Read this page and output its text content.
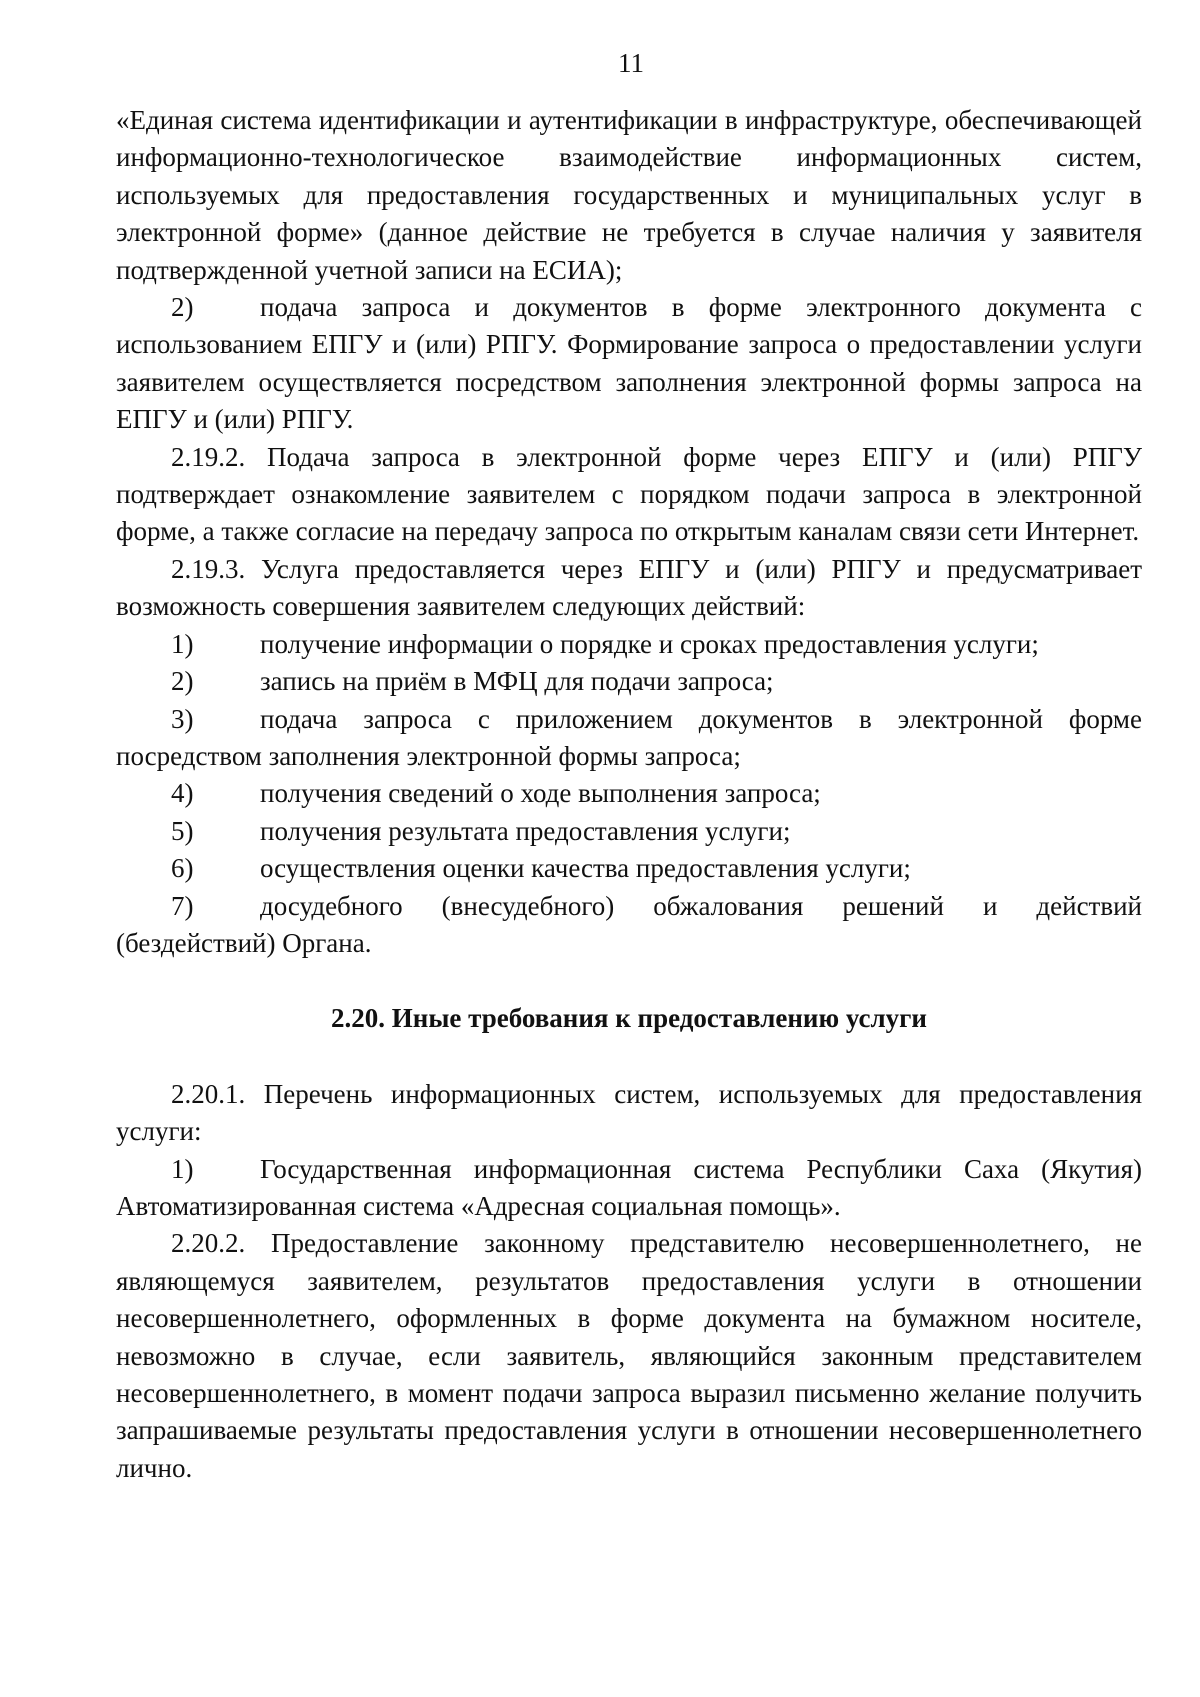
11

«Единая система идентификации и аутентификации в инфраструктуре, обеспечивающей информационно-технологическое взаимодействие информационных систем, используемых для предоставления государственных и муниципальных услуг в электронной форме» (данное действие не требуется в случае наличия у заявителя подтвержденной учетной записи на ЕСИА);

2) подача запроса и документов в форме электронного документа с использованием ЕПГУ и (или) РПГУ. Формирование запроса о предоставлении услуги заявителем осуществляется посредством заполнения электронной формы запроса на ЕПГУ и (или) РПГУ.

2.19.2. Подача запроса в электронной форме через ЕПГУ и (или) РПГУ подтверждает ознакомление заявителем с порядком подачи запроса в электронной форме, а также согласие на передачу запроса по открытым каналам связи сети Интернет.

2.19.3. Услуга предоставляется через ЕПГУ и (или) РПГУ и предусматривает возможность совершения заявителем следующих действий:

1) получение информации о порядке и сроках предоставления услуги;

2) запись на приём в МФЦ для подачи запроса;

3) подача запроса с приложением документов в электронной форме посредством заполнения электронной формы запроса;

4) получения сведений о ходе выполнения запроса;

5) получения результата предоставления услуги;

6) осуществления оценки качества предоставления услуги;

7) досудебного (внесудебного) обжалования решений и действий (бездействий) Органа.

2.20. Иные требования к предоставлению услуги

2.20.1. Перечень информационных систем, используемых для предоставления услуги:

1) Государственная информационная система Республики Саха (Якутия) Автоматизированная система «Адресная социальная помощь».

2.20.2. Предоставление законному представителю несовершеннолетнего, не являющемуся заявителем, результатов предоставления услуги в отношении несовершеннолетнего, оформленных в форме документа на бумажном носителе, невозможно в случае, если заявитель, являющийся законным представителем несовершеннолетнего, в момент подачи запроса выразил письменно желание получить запрашиваемые результаты предоставления услуги в отношении несовершеннолетнего лично.
